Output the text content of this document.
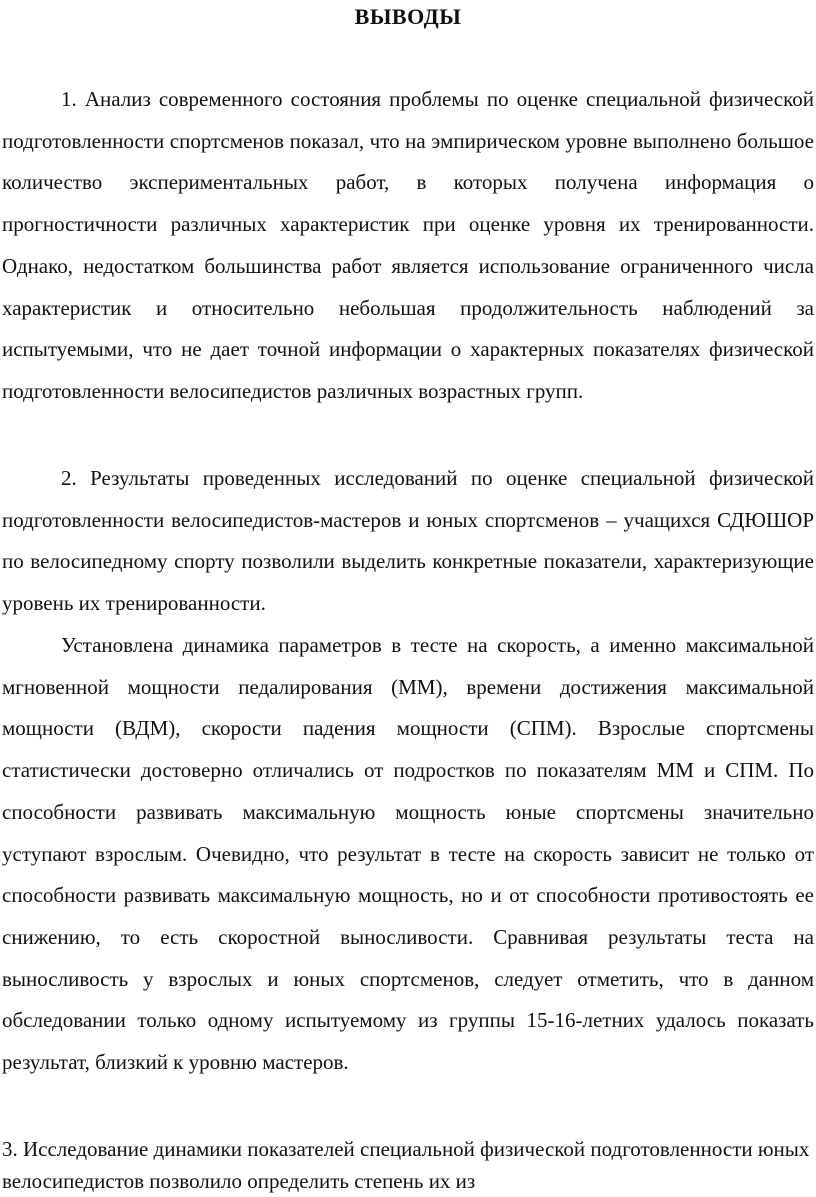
ВЫВОДЫ

1. Анализ современного состояния проблемы по оценке специальной физической подготовленности спортсменов показал, что на эмпирическом уровне выполнено большое количество экспериментальных работ, в которых получена информация о прогностичности различных характеристик при оценке уровня их тренированности. Однако, недостатком большинства работ является использование ограниченного числа характеристик и относительно небольшая продолжительность наблюдений за испытуемыми, что не дает точной информации о характерных показателях физической подготовленности велосипедистов различных возрастных групп.

2. Результаты проведенных исследований по оценке специальной физической подготовленности велосипедистов-мастеров и юных спортсменов – учащихся СДЮШОР по велосипедному спорту позволили выделить конкретные показатели, характеризующие уровень их тренированности.

Установлена динамика параметров в тесте на скорость, а именно максимальной мгновенной мощности педалирования (ММ), времени достижения максимальной мощности (ВДМ), скорости падения мощности (СПМ). Взрослые спортсмены статистически достоверно отличались от подростков по показателям ММ и СПМ. По способности развивать максимальную мощность юные спортсмены значительно уступают взрослым. Очевидно, что результат в тесте на скорость зависит не только от способности развивать максимальную мощность, но и от способности противостоять ее снижению, то есть скоростной выносливости. Сравнивая результаты теста на выносливость у взрослых и юных спортсменов, следует отметить, что в данном обследовании только одному испытуемому из группы 15-16-летних удалось показать результат, близкий к уровню мастеров.

3. Исследование динамики показателей специальной физической подготовленности юных велосипедистов позволило определить степень их из
